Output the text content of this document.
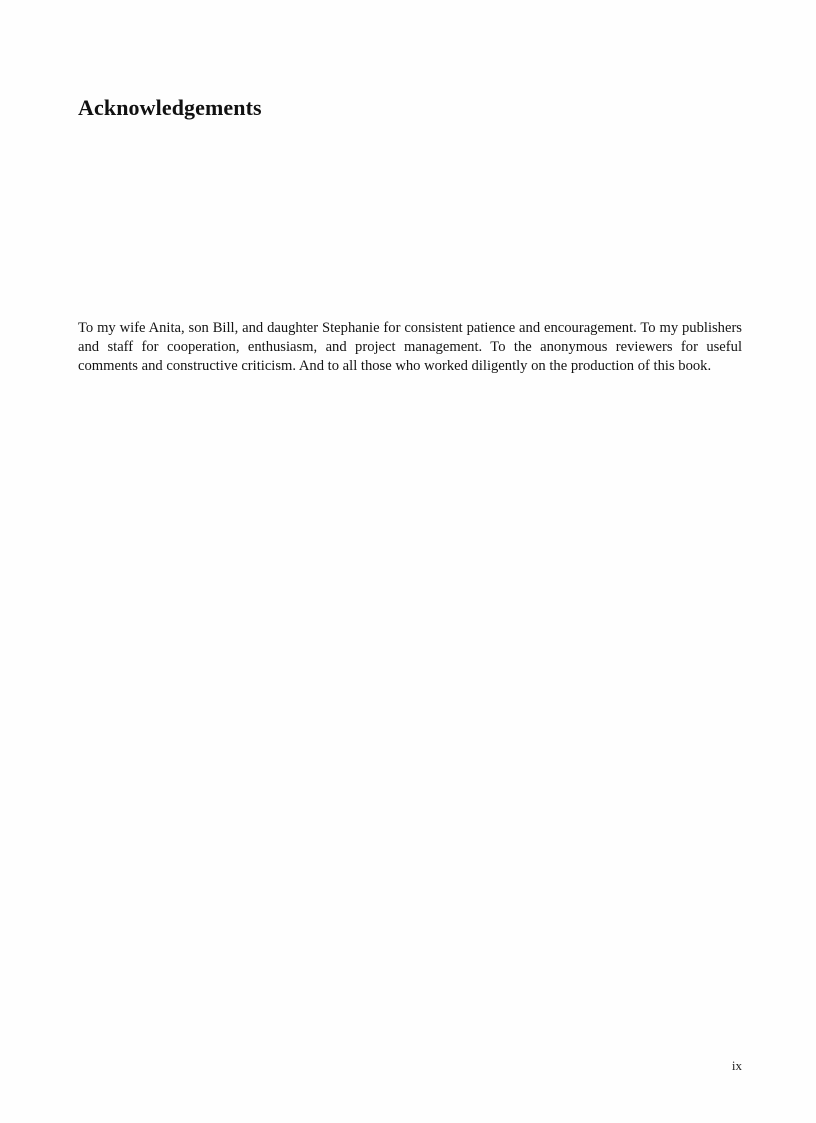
Acknowledgements

To my wife Anita, son Bill, and daughter Stephanie for consistent patience and encouragement. To my publishers and staff for cooperation, enthusiasm, and project management. To the anonymous reviewers for useful comments and constructive criticism. And to all those who worked diligently on the production of this book.

ix
